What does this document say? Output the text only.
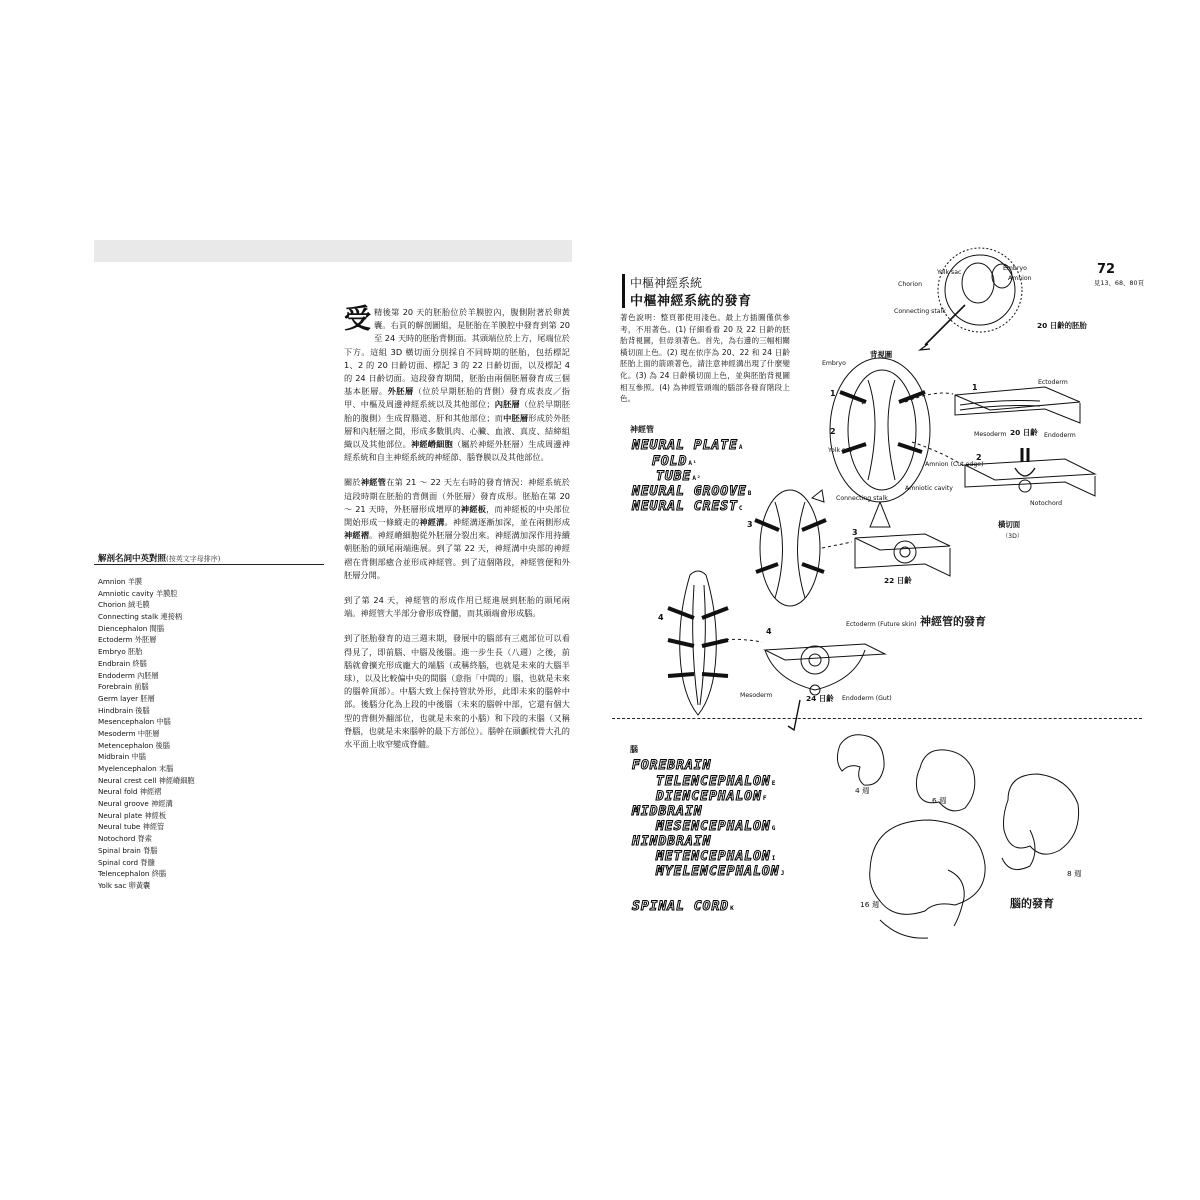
解剖名詞中英對照(按英文字母排序)
Amnion 羊膜
Amniotic cavity 羊膜腔
Chorion 絨毛膜
Connecting stalk 連接柄
Diencephalon 間腦
Ectoderm 外胚層
Embryo 胚胎
Endbrain 終腦
Endoderm 內胚層
Forebrain 前腦
Germ layer 胚層
Hindbrain 後腦
Mesencephalon 中腦
Mesoderm 中胚層
Metencephalon 後腦
Midbrain 中腦
Myelencephalon 末腦
Neural crest cell 神經嵴細胞
Neural fold 神經褶
Neural groove 神經溝
Neural plate 神經板
Neural tube 神經管
Notochord 脊索
Spinal brain 脊腦
Spinal cord 脊髓
Telencephalon 終腦
Yolk sac 卵黃囊

受精後第 20 天的胚胎位於羊膜腔內，腹側附著於卵黃囊。右頁的解剖圖組，是胚胎在羊膜腔中發育到第 20 至 24 天時的胚胎背側面。其頭端位於上方，尾端位於下方。這組 3D 橫切面分別採自不同時期的胚胎，包括標記 1、2 的 20 日齡切面、標記 3 的 22 日齡切面，以及標記 4 的 24 日齡切面。這段發育期間，胚胎由兩個胚層發育成三個基本胚層。外胚層（位於早期胚胎的背側）發育成表皮／指甲、中樞及周邊神經系統以及其他部位；內胚層（位於早期胚胎的腹側）生成胃腸道、肝和其他部位；而中胚層形成於外胚層和內胚層之間，形成多數肌肉、心臟、血液、真皮、結締組織以及其他部位。神經嵴細胞（屬於神經外胚層）生成周邊神經系統和自主神經系統的神經節、腦脊膜以及其他部位。

關於神經管在第 21 ～ 22 天左右時的發育情況：神經系統於這段時期在胚胎的背側面（外胚層）發育成形。胚胎在第 20 ～ 21 天時，外胚層形成增厚的神經板，而神經板的中央部位開始形成一條縱走的神經溝。神經溝逐漸加深，並在兩側形成神經褶。神經嵴細胞從外胚層分裂出來。神經溝加深作用持續朝胚胎的頭尾兩端進展。到了第 22 天，神經溝中央部的神經褶在背側部癒合並形成神經管。到了這個階段，神經管便和外胚層分開。

到了第 24 天，神經管的形成作用已經進展到胚胎的頭尾兩端。神經管大半部分會形成脊髓，而其頭端會形成腦。

到了胚胎發育的這三週末期，發展中的腦部有三處部位可以看得見了，即前腦、中腦及後腦。進一步生長（八週）之後，前腦就會擴充形成龐大的端腦（或稱終腦，也就是未來的大腦半球），以及比較偏中央的間腦（意指「中間的」腦，也就是未來的腦幹頂部）。中腦大致上保持管狀外形，此即未來的腦幹中部。後腦分化為上段的中後腦（未來的腦幹中部，它還有個大型的背側外翻部位，也就是未來的小腦）和下段的末腦（又稱脊腦，也就是未來腦幹的最下方部位）。腦幹在頭顱枕骨大孔的水平面上收窄變成脊髓。

中樞神經系統
中樞神經系統的發育
72
見13、68、80頁
著色說明：整頁都使用淺色。最上方插圖僅供參考，不用著色。(1) 仔細看看 20 及 22 日齡的胚胎背視圖，但毋須著色。首先，為右邊的三幅相關橫切面上色。(2) 現在依序為 20、22 和 24 日齡胚胎上面的箭頭著色，請注意神經溝出現了什麼變化。(3) 為 24 日齡橫切面上色，並與胚胎背視圖相互參照。(4) 為神經管頭端的腦部各發育階段上色。
神經管
NEURAL PLATEA
FOLDA¹
TUBEA²
NEURAL GROOVEB
NEURAL CRESTC
腦
FOREBRAIN
TELENCEPHALONE
DIENCEPHALONF
MIDBRAIN
MESENCEPHALONG
HINDBRAIN
METENCEPHALONI
MYELENCEPHALONJ
SPINAL CORDK
Chorion
Yolk sac
Embryo
Amnion
Connecting stalk
20 日齡的胚胎
背視圖
Embryo
Yolk sac
Ectoderm
Mesoderm	Endoderm
20 日齡
Amnion (Cut edge)
Amniotic cavity
Connecting stalk
Notochord
橫切面
（3D）
22 日齡
Ectoderm (Future skin)
Mesoderm	Endoderm (Gut)
24 日齡
神經管的發育
4 週
6 週
8 週
16 週	腦的發育
1
2
3
4
1
2
3
4
